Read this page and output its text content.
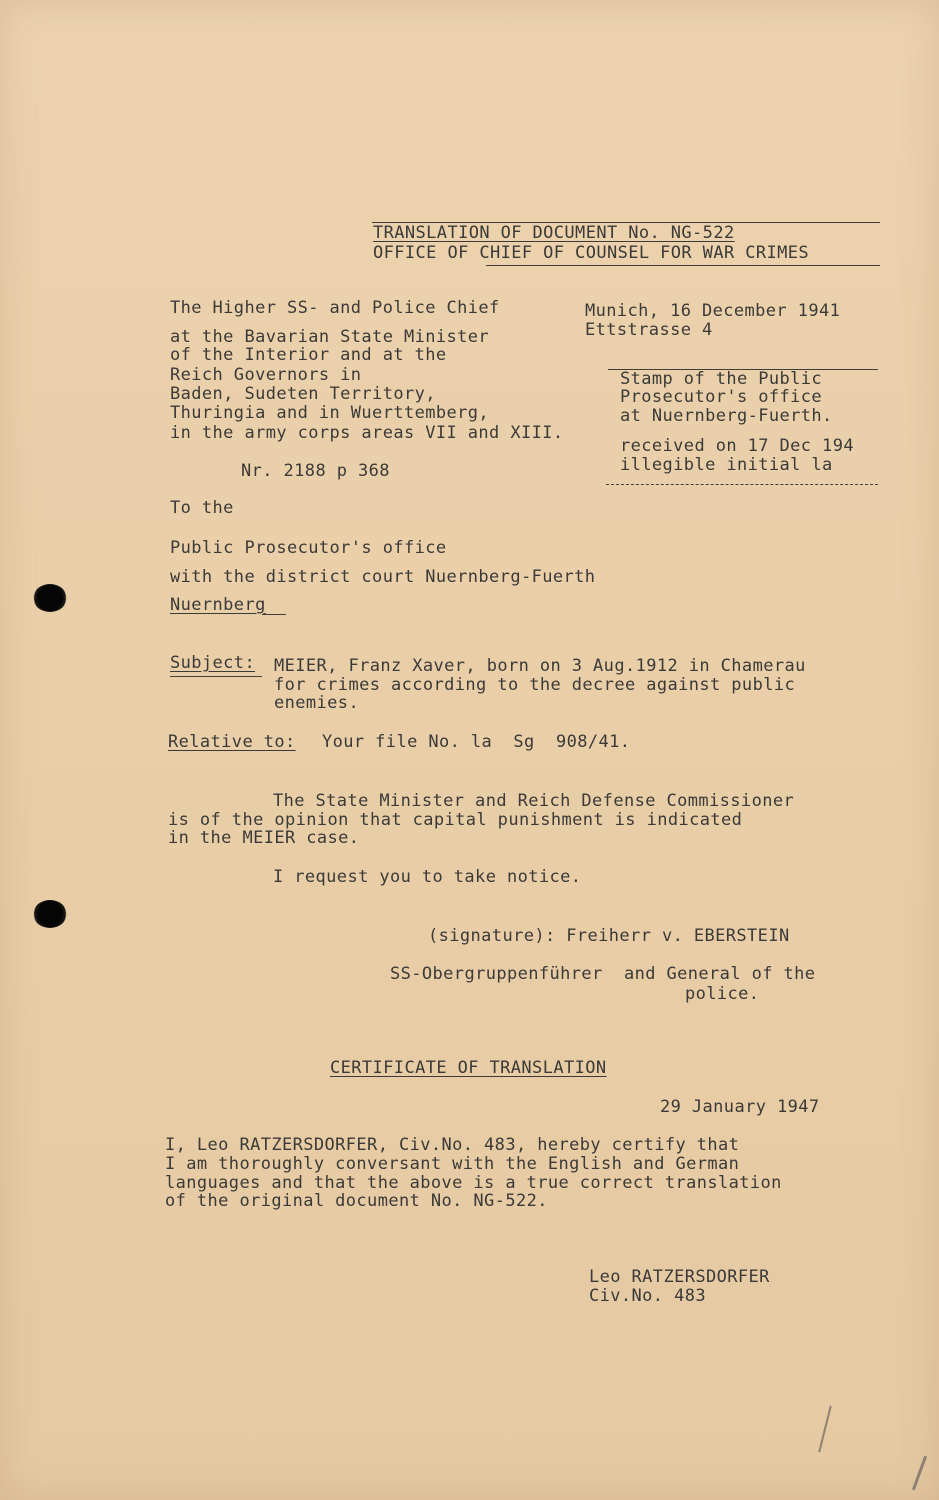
TRANSLATION OF DOCUMENT No. NG-522
OFFICE OF CHIEF OF COUNSEL FOR WAR CRIMES
The Higher SS- and Police Chief
at the Bavarian State Minister
of the Interior and at the
Reich Governors in
Baden, Sudeten Territory,
Thuringia and in Wuerttemberg,
in the army corps areas VII and XIII.
Nr. 2188 p 368
Munich, 16 December 1941
Ettstrasse 4
Stamp of the Public
Prosecutor's office
at Nuernberg-Fuerth.
received on 17 Dec 194
illegible initial la
To the
Public Prosecutor's office
with the district court Nuernberg-Fuerth
Nuernberg
Subject: MEIER, Franz Xaver, born on 3 Aug.1912 in Chamerau
for crimes according to the decree against public
enemies.
Relative to: Your file No. la  Sg  908/41.
The State Minister and Reich Defense Commissioner
is of the opinion that capital punishment is indicated
in the MEIER case.
I request you to take notice.
(signature): Freiherr v. EBERSTEIN
SS-Obergruppenführer  and General of the
police.
CERTIFICATE OF TRANSLATION
29 January 1947
I, Leo RATZERSDORFER, Civ.No. 483, hereby certify that
I am thoroughly conversant with the English and German
languages and that the above is a true correct translation
of the original document No. NG-522.
Leo RATZERSDORFER
Civ.No. 483
